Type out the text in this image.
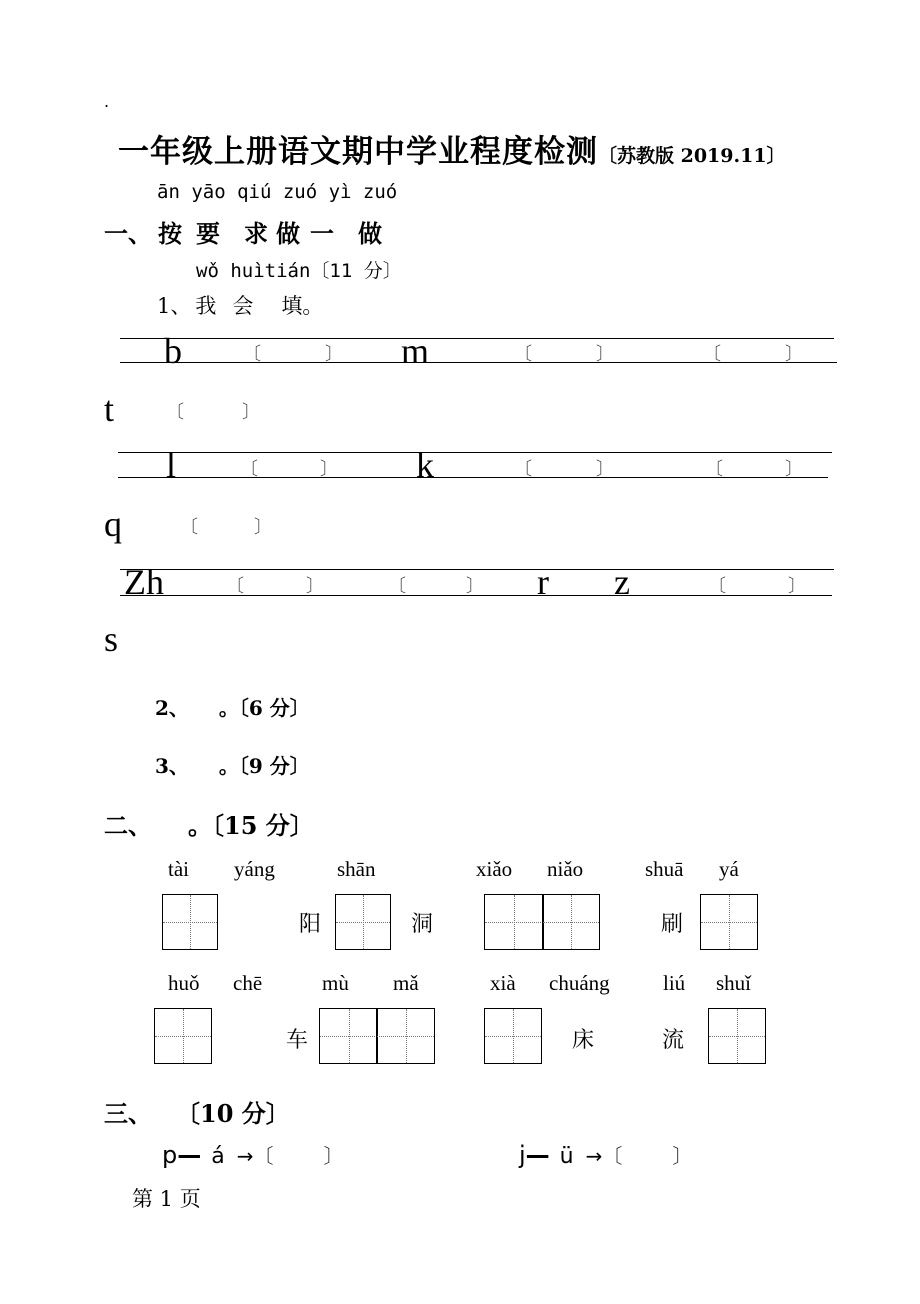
.
一年级上册语文期中学业程度检测〔苏教版 2019.11〕
ān yāo qiú zuó yì zuó
一、 按 要 求 做 一 做
wǒ huìtián〔11 分〕
1、 我 会 填。
b	〔	〕 m	〔	〕	〔	〕
t	〔	〕
l	〔	〕 k	〔	〕	〔	〕
q	〔	〕
Zh	〔	〕	〔	〕 r z	〔	〕
s
2、　　。〔6 分〕
3、　　。〔9 分〕
二、　　。〔15 分〕
tài yáng	shān	xiǎo niǎo	shuā yá
阳	洞	刷
huǒ chē	mù mǎ	xià chuáng	liú shuǐ
车	床	流
三、　　〔10 分〕
p— á →〔	〕	j— ü →〔	〕
第 1 页
